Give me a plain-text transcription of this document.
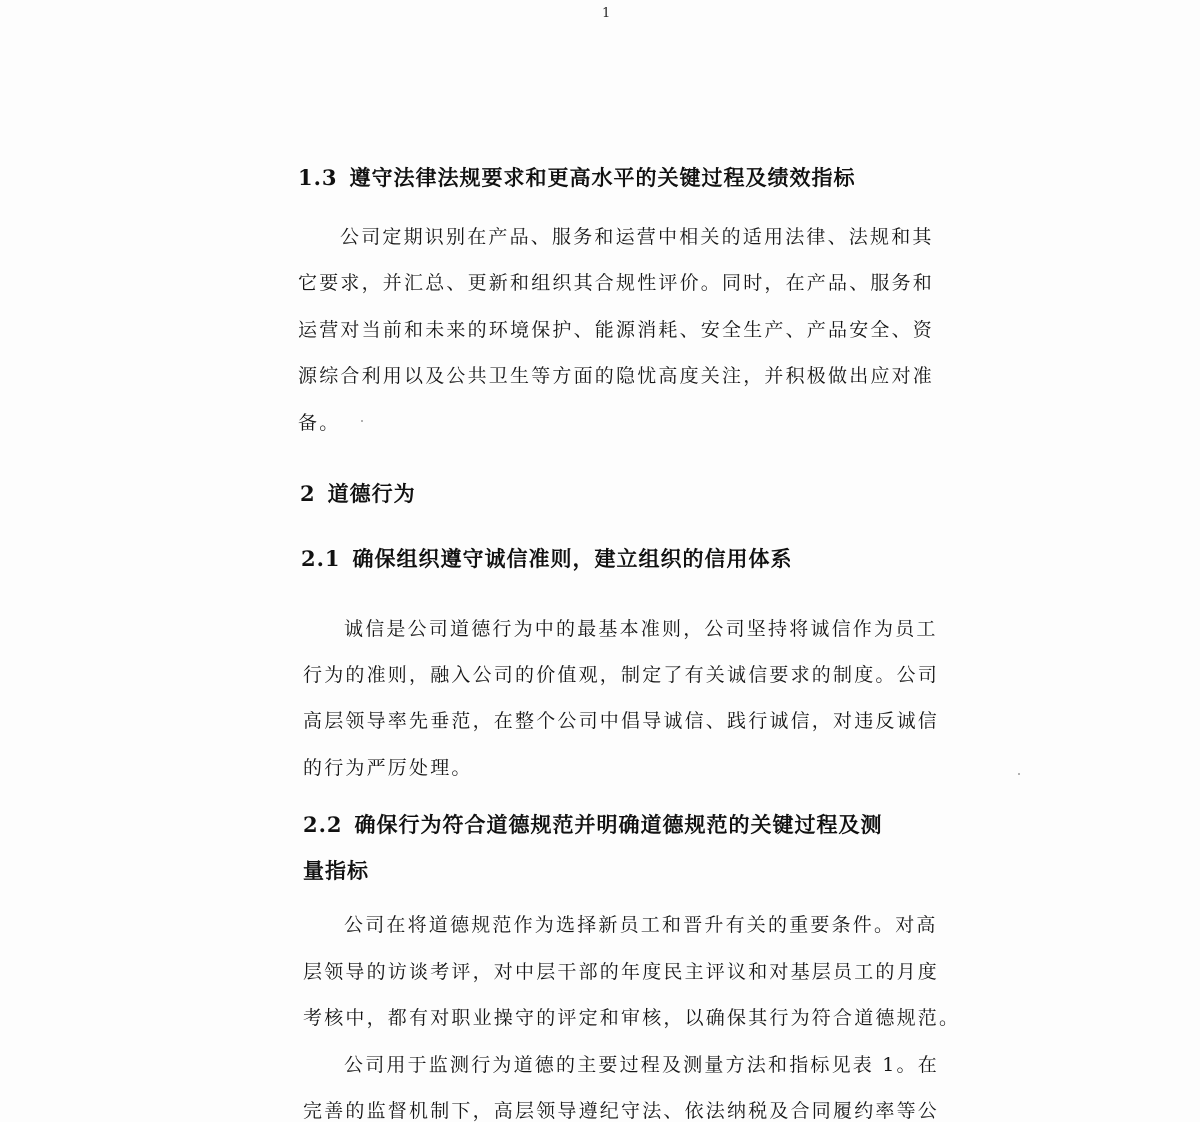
1
1.3 遵守法律法规要求和更高水平的关键过程及绩效指标
公司定期识别在产品、服务和运营中相关的适用法律、法规和其
它要求，并汇总、更新和组织其合规性评价。同时，在产品、服务和
运营对当前和未来的环境保护、能源消耗、安全生产、产品安全、资
源综合利用以及公共卫生等方面的隐忧高度关注，并积极做出应对准
备。
2 道德行为
2.1 确保组织遵守诚信准则，建立组织的信用体系
诚信是公司道德行为中的最基本准则，公司坚持将诚信作为员工
行为的准则，融入公司的价值观，制定了有关诚信要求的制度。公司
高层领导率先垂范，在整个公司中倡导诚信、践行诚信，对违反诚信
的行为严厉处理。
2.2 确保行为符合道德规范并明确道德规范的关键过程及测
量指标
公司在将道德规范作为选择新员工和晋升有关的重要条件。对高
层领导的访谈考评，对中层干部的年度民主评议和对基层员工的月度
考核中，都有对职业操守的评定和审核，以确保其行为符合道德规范。
公司用于监测行为道德的主要过程及测量方法和指标见表 1。在
完善的监督机制下，高层领导遵纪守法、依法纳税及合同履约率等公
